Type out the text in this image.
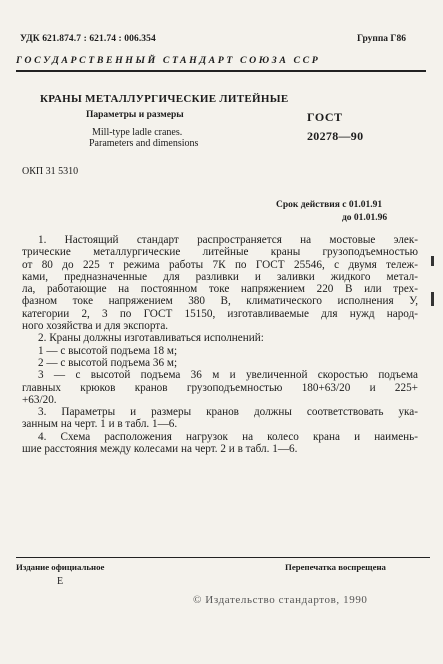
УДК 621.874.7 : 621.74 : 006.354	Группа Г86
ГОСУДАРСТВЕННЫЙ СТАНДАРТ СОЮЗА ССР
КРАНЫ МЕТАЛЛУРГИЧЕСКИЕ ЛИТЕЙНЫЕ
Параметры и размеры
Mill-type ladle cranes.
Parameters and dimensions
ГОСТ
20278—90
ОКП 31 5310
Срок действия с 01.01.91
до 01.01.96
1. Настоящий стандарт распространяется на мостовые элек-
трические металлургические литейные краны грузоподъемностью
от 80 до 225 т режима работы 7К по ГОСТ 25546, с двумя тележ-
ками, предназначенные для разливки и заливки жидкого метал-
ла, работающие на постоянном токе напряжением 220 В или трех-
фазном токе напряжением 380 В, климатического исполнения У,
категории 2, 3 по ГОСТ 15150, изготавливаемые для нужд народ-
ного хозяйства и для экспорта.
2. Краны должны изготавливаться исполнений:
1 — с высотой подъема 18 м;
2 — с высотой подъема 36 м;
3 — с высотой подъема 36 м и увеличенной скоростью подъема
главных крюков кранов грузоподъемностью 180+63/20 и 225+
+63/20.
3. Параметры и размеры кранов должны соответствовать ука-
занным на черт. 1 и в табл. 1—6.
4. Схема расположения нагрузок на колесо крана и наимень-
шие расстояния между колесами на черт. 2 и в табл. 1—6.
Издание официальное	Перепечатка воспрещена
Е
© Издательство стандартов, 1990
